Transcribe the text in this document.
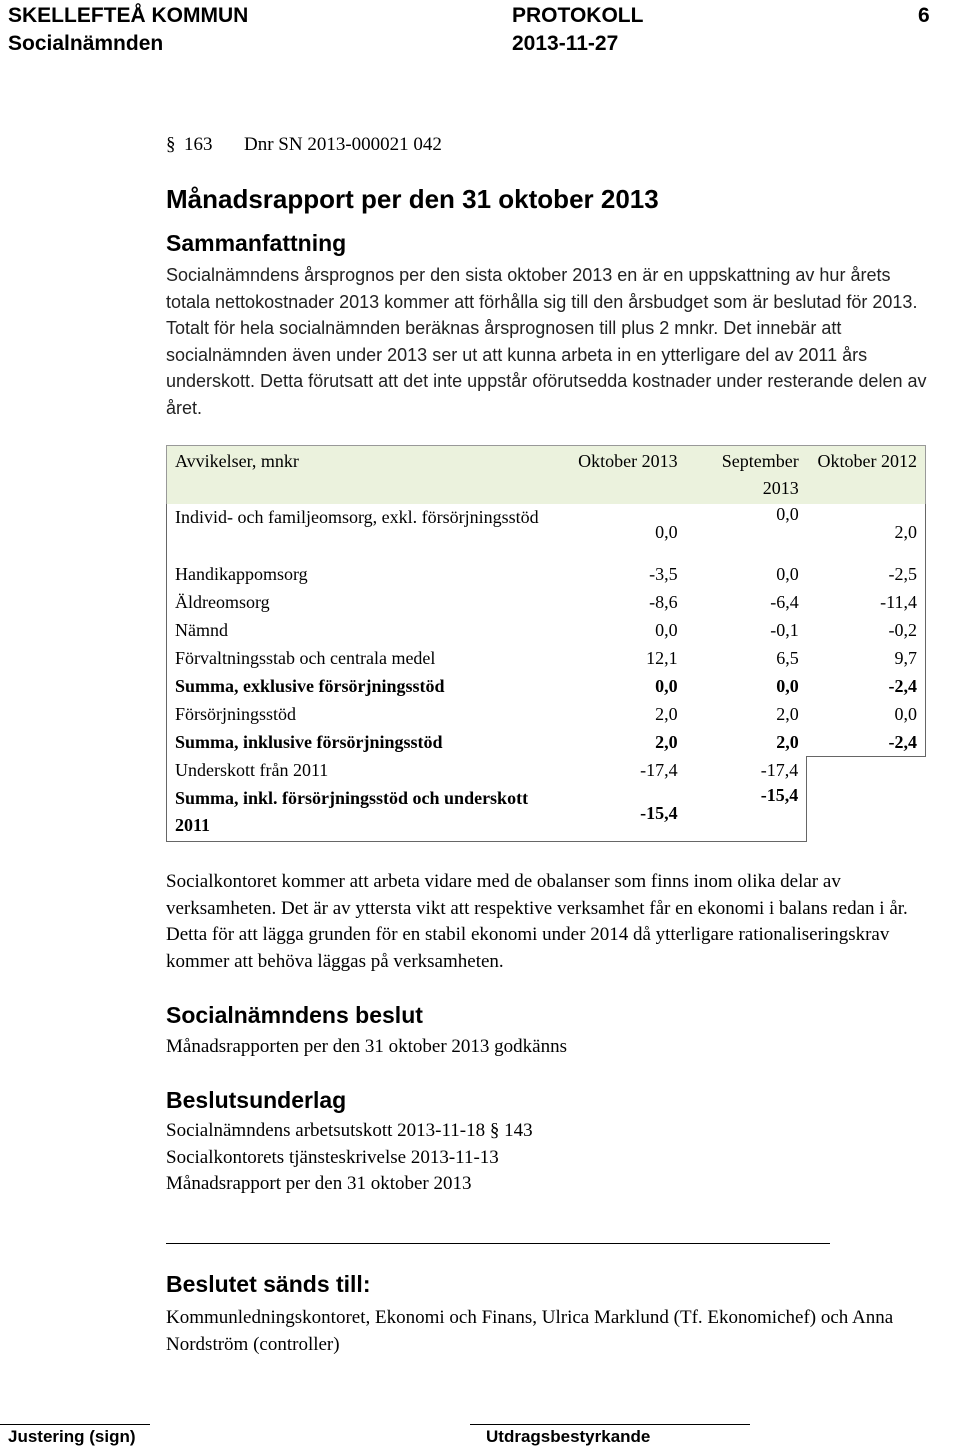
SKELLEFTEÅ KOMMUN	PROTOKOLL	6
Socialnämnden	2013-11-27
§ 163 Dnr SN 2013-000021 042
Månadsrapport per den 31 oktober 2013
Sammanfattning
Socialnämndens årsprognos per den sista oktober 2013 en är en uppskattning av hur årets totala nettokostnader 2013 kommer att förhålla sig till den årsbudget som är beslutad för 2013. Totalt för hela socialnämnden beräknas årsprognosen till plus 2 mnkr. Det innebär att socialnämnden även under 2013 ser ut att kunna arbeta in en ytterligare del av 2011 års underskott. Detta förutsatt att det inte uppstår oförutsedda kostnader under resterande delen av året.
Avvikelser, mnkr	Oktober 2013	September 2013	Oktober 2012
Individ- och familjeomsorg, exkl. försörjningsstöd	0,0	0,0	2,0
Handikappomsorg	-3,5	0,0	-2,5
Äldreomsorg	-8,6	-6,4	-11,4
Nämnd	0,0	-0,1	-0,2
Förvaltningsstab och centrala medel	12,1	6,5	9,7
Summa, exklusive försörjningsstöd	0,0	0,0	-2,4
Försörjningsstöd	2,0	2,0	0,0
Summa, inklusive försörjningsstöd	2,0	2,0	-2,4
Underskott från 2011	-17,4	-17,4	
Summa, inkl. försörjningsstöd och underskott 2011	-15,4	-15,4	
Socialkontoret kommer att arbeta vidare med de obalanser som finns inom olika delar av verksamheten. Det är av yttersta vikt att respektive verksamhet får en ekonomi i balans redan i år. Detta för att lägga grunden för en stabil ekonomi under 2014 då ytterligare rationaliseringskrav kommer att behöva läggas på verksamheten.
Socialnämndens beslut
Månadsrapporten per den 31 oktober 2013 godkänns
Beslutsunderlag
Socialnämndens arbetsutskott 2013-11-18 § 143
Socialkontorets tjänsteskrivelse 2013-11-13
Månadsrapport per den 31 oktober 2013
Beslutet sänds till:
Kommunledningskontoret, Ekonomi och Finans, Ulrica Marklund (Tf. Ekonomichef) och Anna Nordström (controller)
Justering (sign)	Utdragsbestyrkande
